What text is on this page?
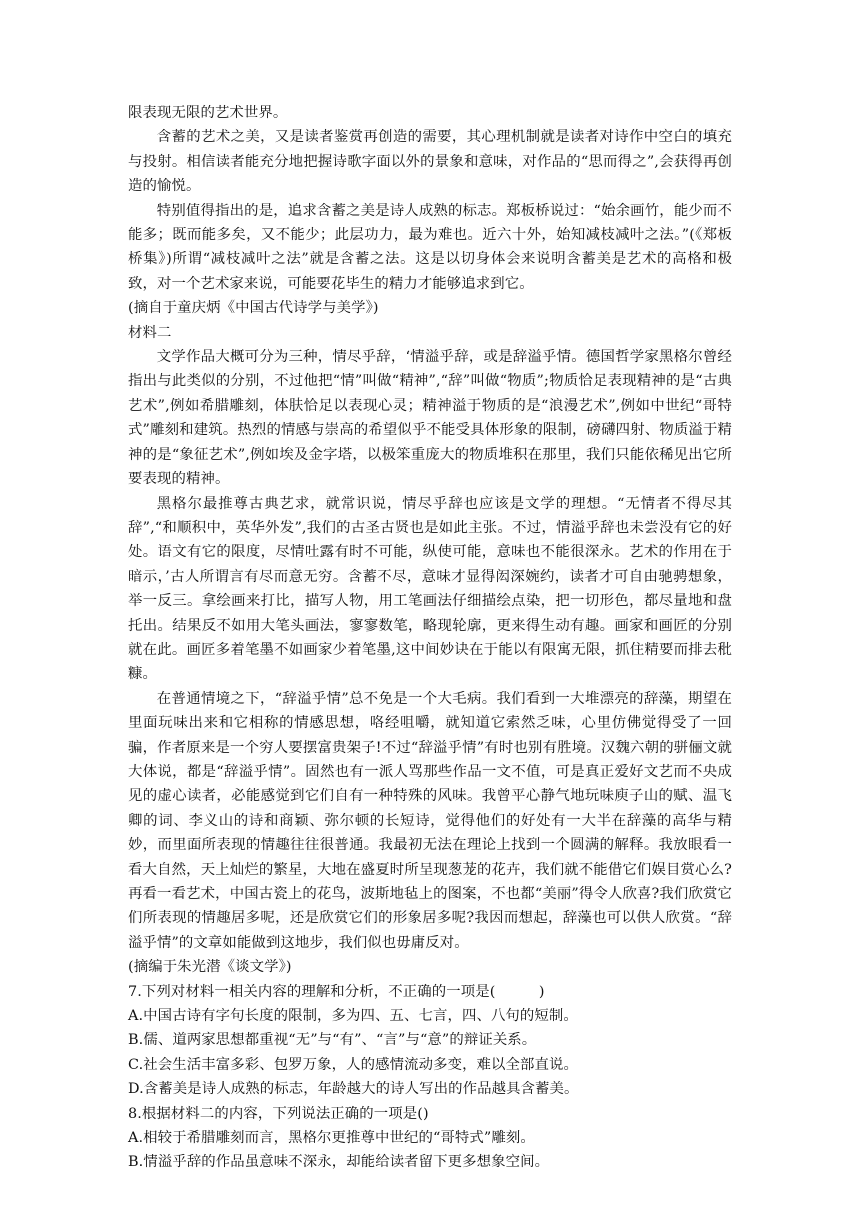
限表现无限的艺术世界。

含蓄的艺术之美，又是读者鉴赏再创造的需要，其心理机制就是读者对诗作中空白的填充与投射。相信读者能充分地把握诗歌字面以外的景象和意味，对作品的“思而得之”,会获得再创造的愉悦。

特别值得指出的是，追求含蓄之美是诗人成熟的标志。郑板桥说过：“始余画竹，能少而不能多；既而能多矣，又不能少；此层功力，最为难也。近六十外，始知减枝减叶之法。”(《郑板桥集》)所谓“减枝减叶之法”就是含蓄之法。这是以切身体会来说明含蓄美是艺术的高格和极致，对一个艺术家来说，可能要花毕生的精力才能够追求到它。

(摘自于童庆炳《中国古代诗学与美学》)

材料二

文学作品大概可分为三种，情尽乎辞，‘情溢乎辞，或是辞溢乎情。德国哲学家黑格尔曾经指出与此类似的分别，不过他把“情”叫做“精神”,“辞”叫做“物质”;物质恰足表现精神的是“古典艺术”,例如希腊雕刻，体肤恰足以表现心灵；精神溢于物质的是“浪漫艺术”,例如中世纪“哥特式”雕刻和建筑。热烈的情感与崇高的希望似乎不能受具体形象的限制，磅礴四射、物质溢于精神的是“象征艺术”,例如埃及金字塔，以极笨重庞大的物质堆积在那里，我们只能依稀见出它所要表现的精神。

黑格尔最推尊古典艺求，就常识说，情尽乎辞也应该是文学的理想。“无情者不得尽其辞”,“和顺积中，英华外发”,我们的古圣古贤也是如此主张。不过，情溢乎辞也未尝没有它的好处。语文有它的限度，尽情吐露有时不可能，纵使可能，意味也不能很深永。艺术的作用在于暗示，’古人所谓言有尽而意无穷。含蓄不尽，意味才显得闳深婉约，读者才可自由驰骋想象，举一反三。拿绘画来打比，描写人物，用工笔画法仔细描绘点染，把一切形色，都尽量地和盘托出。结果反不如用大笔头画法，寥寥数笔，略现轮廓，更来得生动有趣。画家和画匠的分别就在此。画匠多着笔墨不如画家少着笔墨,这中间妙诀在于能以有限寓无限，抓住精要而排去秕糠。

在普通情境之下，“辞溢乎情”总不免是一个大毛病。我们看到一大堆漂亮的辞藻，期望在里面玩味出来和它相称的情感思想，咯经咀嚼，就知道它索然乏味，心里仿佛觉得受了一回骗，作者原来是一个穷人要摆富贵架子!不过“辞溢乎情”有时也别有胜境。汉魏六朝的骈俪文就大体说，都是“辞溢乎情”。固然也有一派人骂那些作品一文不值，可是真正爱好文艺而不央成见的虚心读者，必能感觉到它们自有一种特殊的风味。我曾平心静气地玩味庾子山的赋、温飞卿的词、李义山的诗和商颖、弥尔顿的长短诗，觉得他们的好处有一大半在辞藻的高华与精妙，而里面所表现的情趣往往很普通。我最初无法在理论上找到一个圆满的解释。我放眼看一看大自然，天上灿烂的繁星，大地在盛夏时所呈现葱茏的花卉，我们就不能借它们娱目赏心么?再看一看艺术，中国古瓷上的花鸟，波斯地毡上的图案，不也都“美丽”得令人欣喜?我们欣赏它们所表现的情趣居多呢，还是欣赏它们的形象居多呢?我因而想起，辞藻也可以供人欣赏。“辞溢乎情”的文章如能做到这地步，我们似也毋庸反对。

(摘编于朱光潜《谈文学》)

7.下列对材料一相关内容的理解和分析，不正确的一项是(　　　)

A.中国古诗有字句长度的限制，多为四、五、七言，四、八句的短制。

B.儒、道两家思想都重视“无”与“有”、“言”与“意”的辩证关系。

C.社会生活丰富多彩、包罗万象，人的感情流动多变，难以全部直说。

D.含蓄美是诗人成熟的标志，年龄越大的诗人写出的作品越具含蓄美。

8.根据材料二的内容，下列说法正确的一项是()

A.相较于希腊雕刻而言，黑格尔更推尊中世纪的“哥特式”雕刻。

B.情溢乎辞的作品虽意味不深永，却能给读者留下更多想象空间。
